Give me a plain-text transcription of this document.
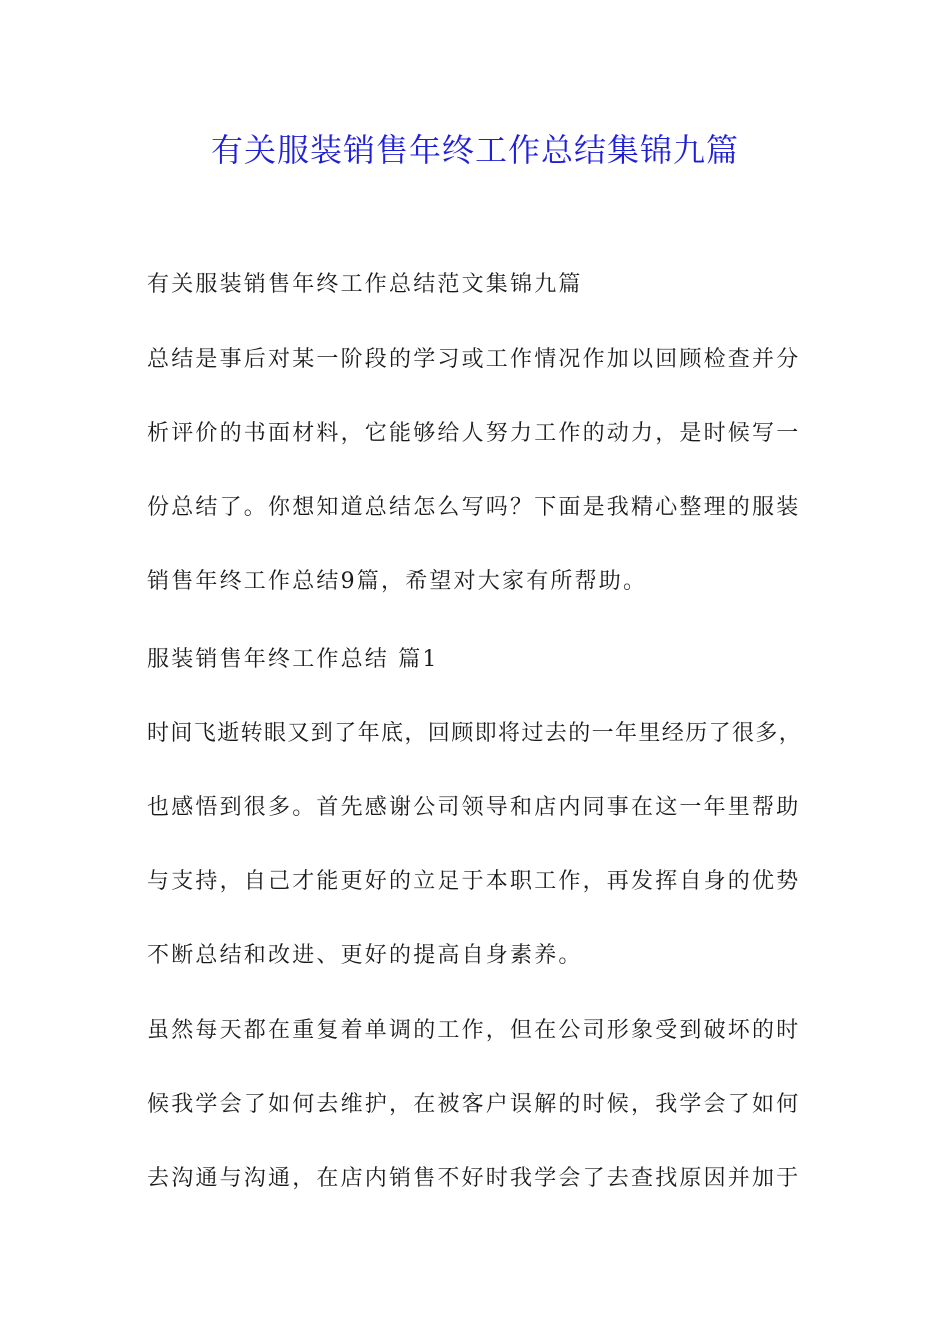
有关服装销售年终工作总结集锦九篇
有关服装销售年终工作总结范文集锦九篇
总结是事后对某一阶段的学习或工作情况作加以回顾检查并分
析评价的书面材料，它能够给人努力工作的动力，是时候写一
份总结了。你想知道总结怎么写吗？下面是我精心整理的服装
销售年终工作总结9篇，希望对大家有所帮助。
服装销售年终工作总结 篇1
时间飞逝转眼又到了年底，回顾即将过去的一年里经历了很多，
也感悟到很多。首先感谢公司领导和店内同事在这一年里帮助
与支持，自己才能更好的立足于本职工作，再发挥自身的优势
不断总结和改进、更好的提高自身素养。
虽然每天都在重复着单调的工作，但在公司形象受到破坏的时
候我学会了如何去维护，在被客户误解的时候，我学会了如何
去沟通与沟通，在店内销售不好时我学会了去查找原因并加于
